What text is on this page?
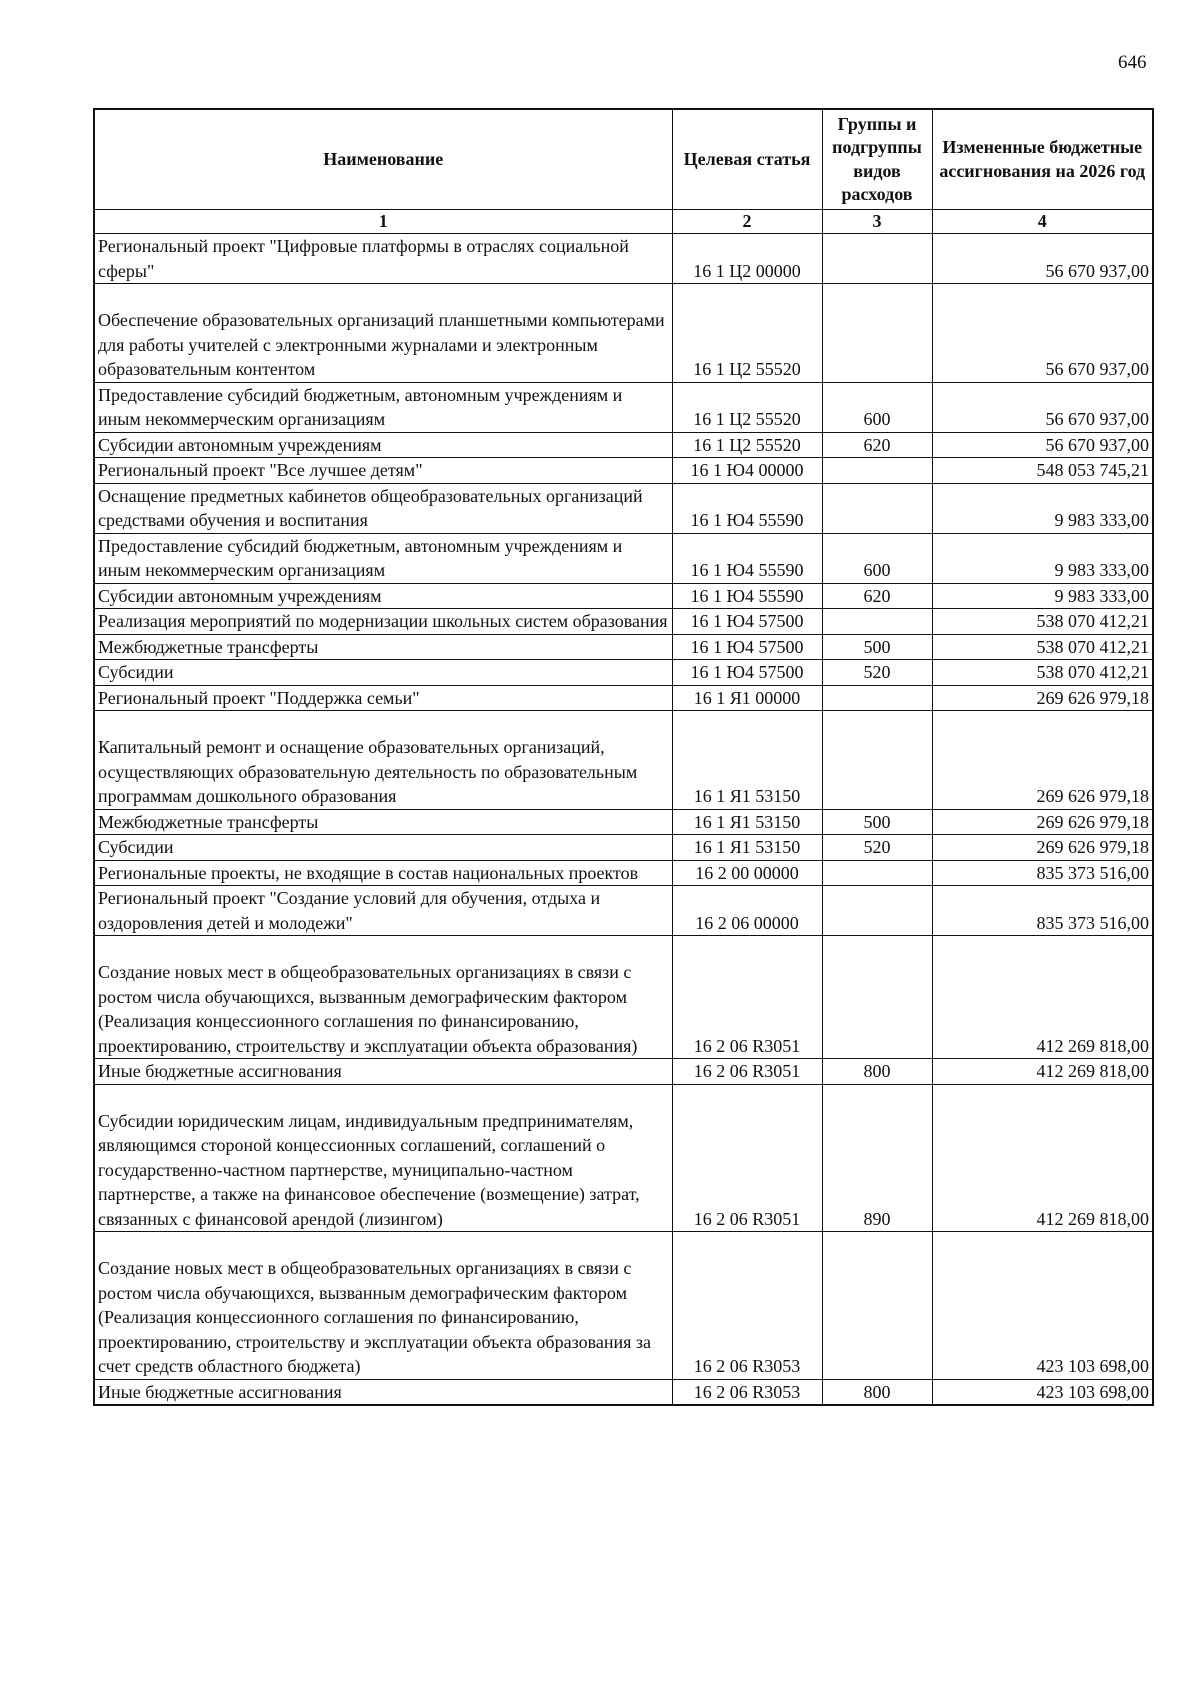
646
Наименование	Целевая статья	Группы и подгруппы видов расходов	Измененные бюджетные ассигнования на 2026 год
1	2	3	4
Региональный проект "Цифровые платформы в отраслях социальной сферы"	16 1 Ц2 00000		56 670 937,00

Обеспечение образовательных организаций планшетными компьютерами для работы учителей с электронными журналами и электронным образовательным контентом	16 1 Ц2 55520		56 670 937,00
Предоставление субсидий бюджетным, автономным учреждениям и иным некоммерческим организациям	16 1 Ц2 55520	600	56 670 937,00
Субсидии автономным учреждениям	16 1 Ц2 55520	620	56 670 937,00
Региональный проект "Все лучшее детям"	16 1 Ю4 00000		548 053 745,21
Оснащение предметных кабинетов общеобразовательных организаций средствами обучения и воспитания	16 1 Ю4 55590		9 983 333,00
Предоставление субсидий бюджетным, автономным учреждениям и иным некоммерческим организациям	16 1 Ю4 55590	600	9 983 333,00
Субсидии автономным учреждениям	16 1 Ю4 55590	620	9 983 333,00
Реализация мероприятий по модернизации школьных систем образования	16 1 Ю4 57500		538 070 412,21
Межбюджетные трансферты	16 1 Ю4 57500	500	538 070 412,21
Субсидии	16 1 Ю4 57500	520	538 070 412,21
Региональный проект "Поддержка семьи"	16 1 Я1 00000		269 626 979,18

Капитальный ремонт и оснащение образовательных организаций, осуществляющих образовательную деятельность по образовательным программам дошкольного образования	16 1 Я1 53150		269 626 979,18
Межбюджетные трансферты	16 1 Я1 53150	500	269 626 979,18
Субсидии	16 1 Я1 53150	520	269 626 979,18
Региональные проекты, не входящие в состав национальных проектов	16 2 00 00000		835 373 516,00
Региональный проект "Создание условий для обучения, отдыха и оздоровления детей и молодежи"	16 2 06 00000		835 373 516,00

Создание новых мест в общеобразовательных организациях в связи с ростом числа обучающихся, вызванным демографическим фактором (Реализация концессионного соглашения по финансированию, проектированию, строительству и эксплуатации объекта образования)	16 2 06 R3051		412 269 818,00
Иные бюджетные ассигнования	16 2 06 R3051	800	412 269 818,00

Субсидии юридическим лицам, индивидуальным предпринимателям, являющимся стороной концессионных соглашений, соглашений о государственно-частном партнерстве, муниципально-частном партнерстве, а также на финансовое обеспечение (возмещение) затрат, связанных с финансовой арендой (лизингом)	16 2 06 R3051	890	412 269 818,00

Создание новых мест в общеобразовательных организациях в связи с ростом числа обучающихся, вызванным демографическим фактором (Реализация концессионного соглашения по финансированию, проектированию, строительству и эксплуатации объекта образования за счет средств областного бюджета)	16 2 06 R3053		423 103 698,00
Иные бюджетные ассигнования	16 2 06 R3053	800	423 103 698,00
